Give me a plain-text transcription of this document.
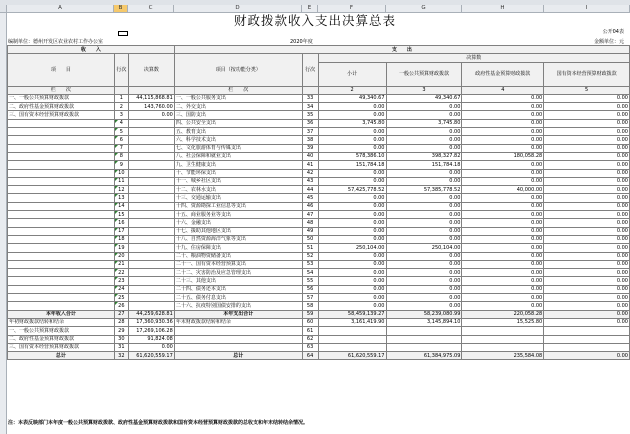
A	B	C	D	E	F	G	H	I
财政拨款收入支出决算总表
公开04表
编制单位：德州开发区农业农村工作办公室	2020年度	金额单位：元
收　　入			支　　出					
项　　目	行次	决算数	项目（按功能分类）	行次	决算数			
					小计	一般公共预算财政拨款	政府性基金预算财政拨款	国有资本经营预算财政拨款

栏　　次			栏　　次		2	3	4	5
一、一般公共预算财政拨款	1	44,115,868.81	一、一般公共服务支出	33	49,340.67	49,340.67	0.00	0.00
二、政府性基金预算财政拨款	2	143,760.00	二、外交支出	34	0.00	0.00	0.00	0.00
三、国有资本经营预算财政拨款	3	0.00	三、国防支出	35	0.00	0.00	0.00	0.00
	4		四、公共安全支出	36	3,745.80	3,745.80	0.00	0.00
	5		五、教育支出	37	0.00	0.00	0.00	0.00
	6		六、科学技术支出	38	0.00	0.00	0.00	0.00
	7		七、文化旅游体育与传媒支出	39	0.00	0.00	0.00	0.00
	8		八、社会保障和就业支出	40	578,386.10	398,327.82	180,058.28	0.00
	9		九、卫生健康支出	41	151,784.18	151,784.18	0.00	0.00
	10		十、节能环保支出	42	0.00	0.00	0.00	0.00
	11		十一、城乡社区支出	43	0.00	0.00	0.00	0.00
	12		十二、农林水支出	44	57,425,778.52	57,385,778.52	40,000.00	0.00
	13		十三、交通运输支出	45	0.00	0.00	0.00	0.00
	14		十四、资源勘探工业信息等支出	46	0.00	0.00	0.00	0.00
	15		十五、商业服务业等支出	47	0.00	0.00	0.00	0.00
	16		十六、金融支出	48	0.00	0.00	0.00	0.00
	17		十七、援助其他地区支出	49	0.00	0.00	0.00	0.00
	18		十八、自然资源海洋气象等支出	50	0.00	0.00	0.00	0.00
	19		十九、住房保障支出	51	250,104.00	250,104.00	0.00	0.00
	20		二十、粮油物资储备支出	52	0.00	0.00	0.00	0.00
	21		二十一、国有资本经营预算支出	53	0.00	0.00	0.00	0.00
	22		二十二、灾害防治及应急管理支出	54	0.00	0.00	0.00	0.00
	23		二十三、其他支出	55	0.00	0.00	0.00	0.00
	24		二十四、债务还本支出	56	0.00	0.00	0.00	0.00
	25		二十五、债务付息支出	57	0.00	0.00	0.00	0.00
	26		二十六、抗疫特别国债安排的支出	58	0.00	0.00	0.00	0.00
本年收入合计	27	44,259,628.81	本年支出合计	59	58,459,139.27	58,239,080.99	220,058.28	0.00
年初财政拨款结转和结余	28	17,360,930.36	年末财政拨款结转和结余	60	3,161,419.90	3,145,894.10	15,525.80	0.00
一、一般公共预算财政拨款	29	17,269,106.28		61				
二、政府性基金预算财政拨款	30	91,824.08		62				
三、国有资本经营预算财政拨款	31	0.00		63				
总计	32	61,620,559.17	总计	64	61,620,559.17	61,384,975.09	235,584.08	0.00
注：本表反映部门本年度一般公共预算财政拨款、政府性基金预算财政拨款和国有资本经营预算财政拨款的总收支和年末结转结余情况。
